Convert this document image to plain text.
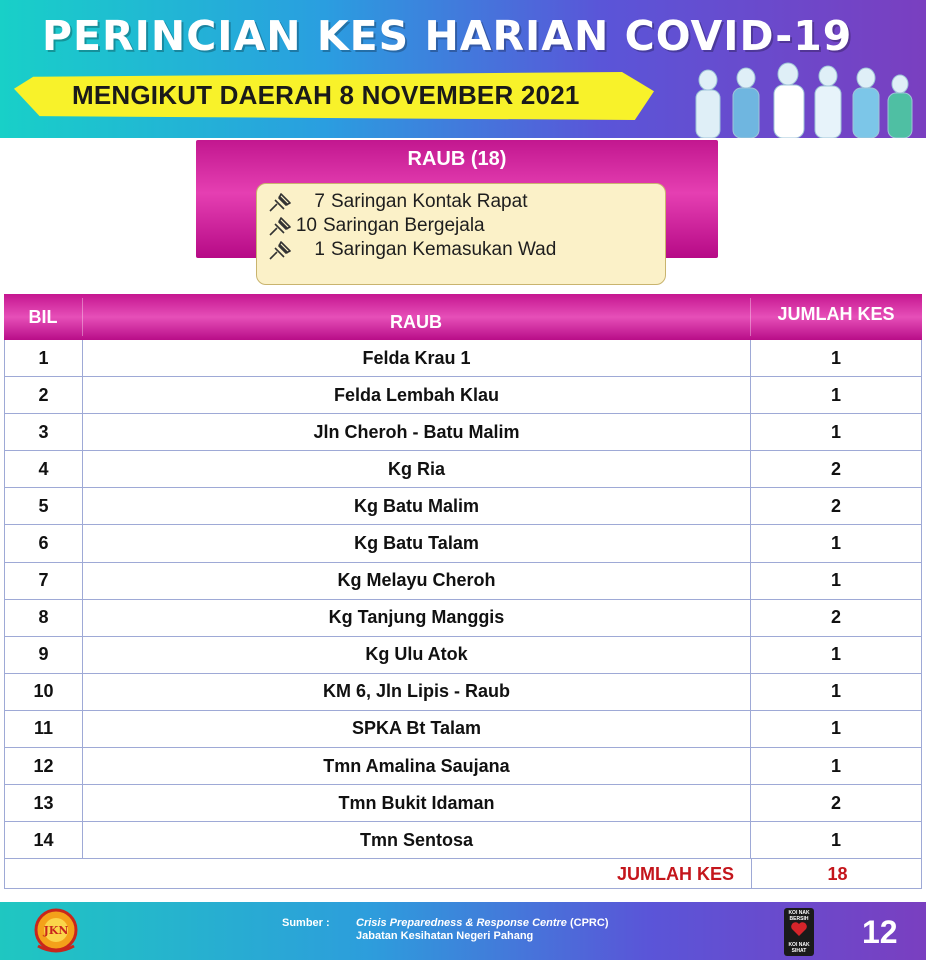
PERINCIAN KES HARIAN COVID-19
MENGIKUT DAERAH 8 NOVEMBER 2021
RAUB (18)
7 Saringan Kontak Rapat
10 Saringan Bergejala
1 Saringan Kemasukan Wad
BIL	RAUB	JUMLAH KES
1	Felda Krau 1	1
2	Felda Lembah Klau	1
3	Jln Cheroh - Batu Malim	1
4	Kg Ria	2
5	Kg Batu Malim	2
6	Kg Batu Talam	1
7	Kg Melayu Cheroh	1
8	Kg Tanjung Manggis	2
9	Kg Ulu Atok	1
10	KM 6, Jln Lipis - Raub	1
11	SPKA Bt Talam	1
12	Tmn Amalina Saujana	1
13	Tmn Bukit Idaman	2
14	Tmn Sentosa	1
JUMLAH KES	18
JKN
Sumber : Crisis Preparedness & Response Centre (CPRC)
Jabatan Kesihatan Negeri Pahang
KOI NAK BERSIH
KOI NAK SIHAT
12
